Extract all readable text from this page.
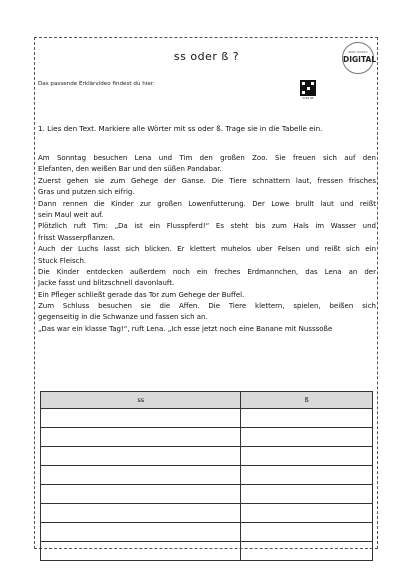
ss oder ß ?	ZERA WORKS
DIGITAL
Das passende Erklärvideo findest du hier:
SCAN ME
1. Lies den Text. Markiere alle Wörter mit ss oder ß. Trage sie in die Tabelle ein.
Am Sonntag besuchen Lena und Tim den großen Zoo. Sie freuen sich auf den
Elefanten, den weißen Bar und den süßen Pandabar.
Zuerst gehen sie zum Gehege der Ganse. Die Tiere schnattern laut, fressen frisches
Gras und putzen sich eifrig.
Dann rennen die Kinder zur großen Lowenfutterung. Der Lowe brullt laut und reißt
sein Maul weit auf.
Plötzlich ruft Tim: „Da ist ein Flusspferd!“ Es steht bis zum Hals im Wasser und
frisst Wasserpflanzen.
Auch der Luchs lasst sich blicken. Er klettert muhelos uber Felsen und reißt sich ein
Stuck Fleisch.
Die Kinder entdecken außerdem noch ein freches Erdmannchen, das Lena an der
Jacke fasst und blitzschnell davonlauft.
Ein Pfleger schließt gerade das Tor zum Gehege der Buffel.
Zum Schluss besuchen sie die Affen. Die Tiere klettern, spielen, beißen sich
gegenseitig in die Schwanze und fassen sich an.
„Das war ein klasse Tag!“, ruft Lena. „Ich esse jetzt noch eine Banane mit Nusssoße
ss	ß
